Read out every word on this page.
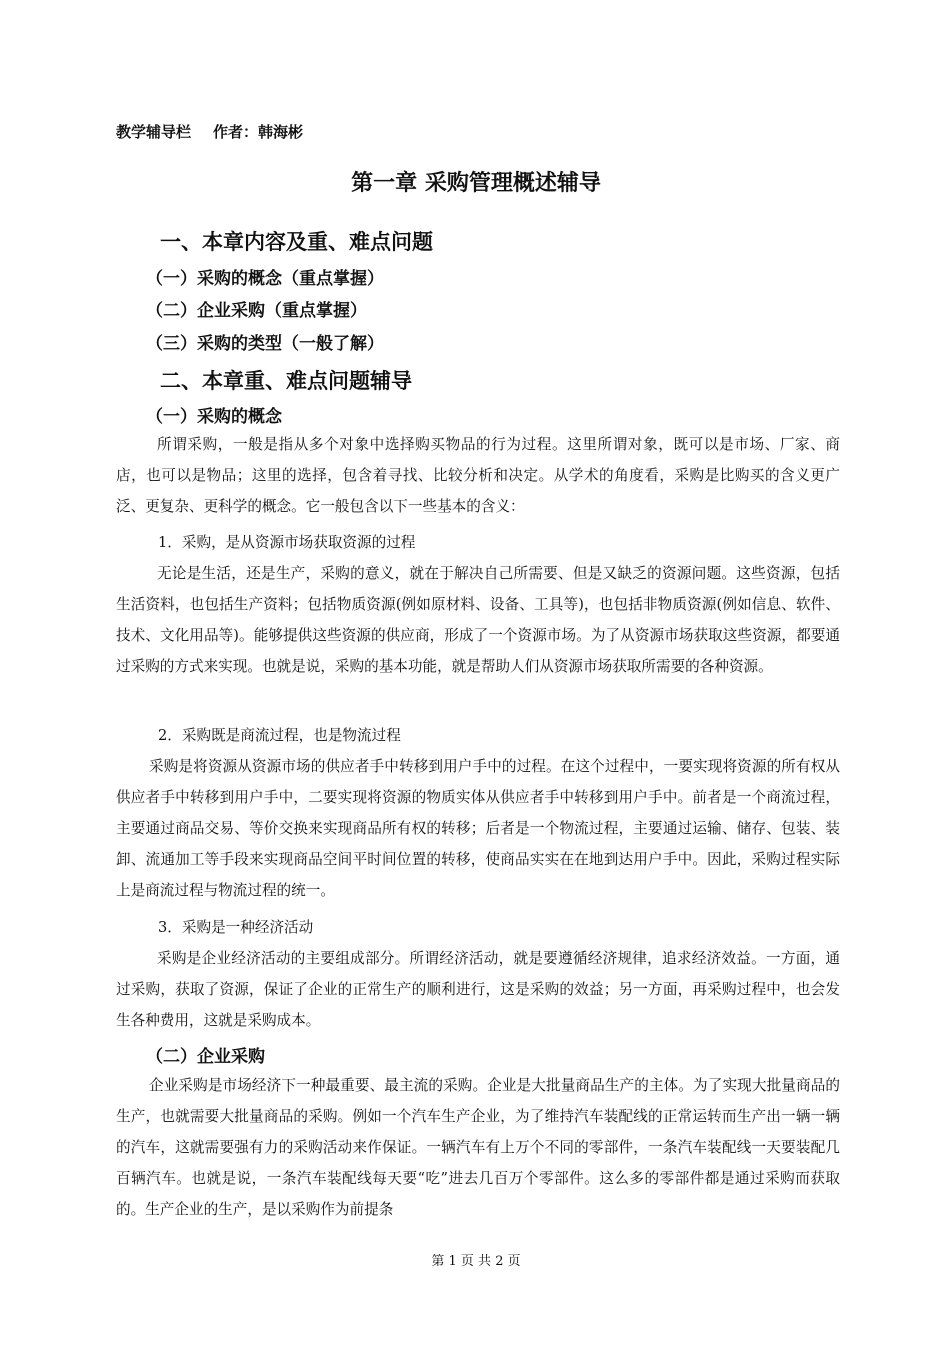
教学辅导栏 作者：韩海彬
第一章 采购管理概述辅导
一、本章内容及重、难点问题
（一）采购的概念（重点掌握）
（二）企业采购（重点掌握）
（三）采购的类型（一般了解）
二、本章重、难点问题辅导
（一）采购的概念
所谓采购，一般是指从多个对象中选择购买物品的行为过程。这里所谓对象，既可以是市场、厂家、商店，也可以是物品；这里的选择，包含着寻找、比较分析和决定。从学术的角度看，采购是比购买的含义更广泛、更复杂、更科学的概念。它一般包含以下一些基本的含义：
1．采购，是从资源市场获取资源的过程
无论是生活，还是生产，采购的意义，就在于解决自己所需要、但是又缺乏的资源问题。这些资源，包括生活资料，也包括生产资料；包括物质资源(例如原材料、设备、工具等)，也包括非物质资源(例如信息、软件、技术、文化用品等)。能够提供这些资源的供应商，形成了一个资源市场。为了从资源市场获取这些资源，都要通过采购的方式来实现。也就是说，采购的基本功能，就是帮助人们从资源市场获取所需要的各种资源。
2．采购既是商流过程，也是物流过程
采购是将资源从资源市场的供应者手中转移到用户手中的过程。在这个过程中，一要实现将资源的所有权从供应者手中转移到用户手中，二要实现将资源的物质实体从供应者手中转移到用户手中。前者是一个商流过程，主要通过商品交易、等价交换来实现商品所有权的转移；后者是一个物流过程，主要通过运输、储存、包装、装卸、流通加工等手段来实现商品空间平时间位置的转移，使商品实实在在地到达用户手中。因此，采购过程实际上是商流过程与物流过程的统一。
3．采购是一种经济活动
采购是企业经济活动的主要组成部分。所谓经济活动，就是要遵循经济规律，追求经济效益。一方面，通过采购，获取了资源，保证了企业的正常生产的顺利进行，这是采购的效益；另一方面，再采购过程中，也会发生各种费用，这就是采购成本。
（二）企业采购
企业采购是市场经济下一种最重要、最主流的采购。企业是大批量商品生产的主体。为了实现大批量商品的生产，也就需要大批量商品的采购。例如一个汽车生产企业，为了维持汽车装配线的正常运转而生产出一辆一辆的汽车，这就需要强有力的采购活动来作保证。一辆汽车有上万个不同的零部件，一条汽车装配线一天要装配几百辆汽车。也就是说，一条汽车装配线每天要“吃”进去几百万个零部件。这么多的零部件都是通过采购而获取的。生产企业的生产，是以采购作为前提条
第 1 页 共 2 页
